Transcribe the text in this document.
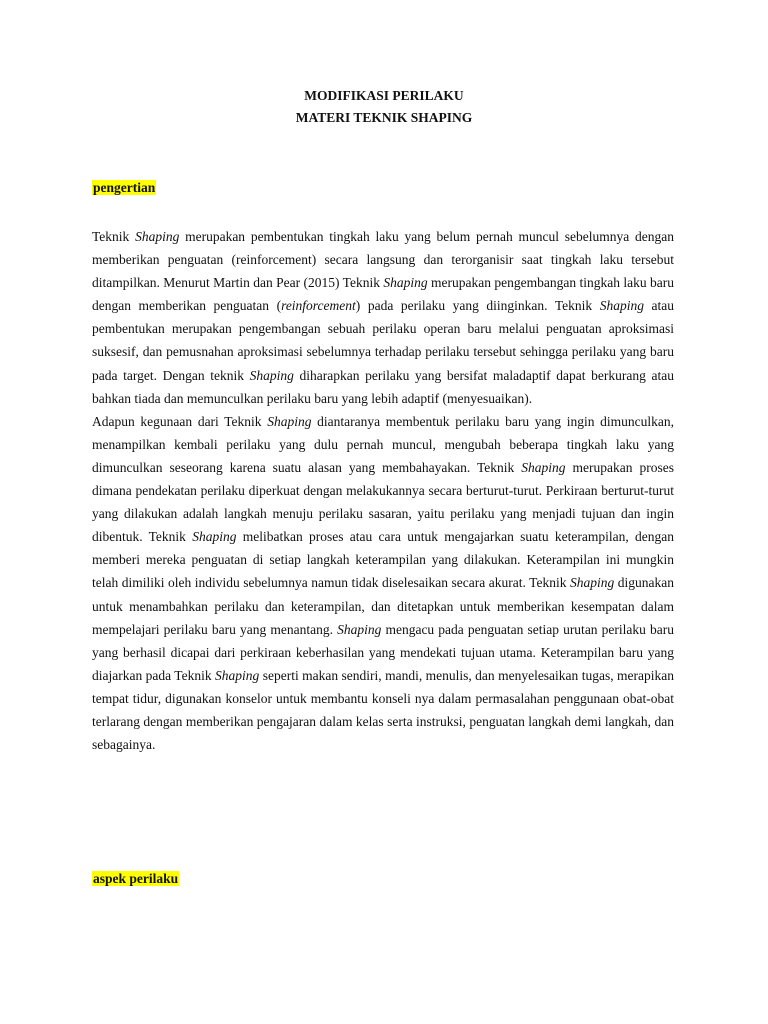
MODIFIKASI PERILAKU
MATERI TEKNIK SHAPING
pengertian

Teknik Shaping merupakan pembentukan tingkah laku yang belum pernah muncul sebelumnya dengan memberikan penguatan (reinforcement) secara langsung dan terorganisir saat tingkah laku tersebut ditampilkan. Menurut Martin dan Pear (2015) Teknik Shaping merupakan pengembangan tingkah laku baru dengan memberikan penguatan (reinforcement) pada perilaku yang diinginkan. Teknik Shaping atau pembentukan merupakan pengembangan sebuah perilaku operan baru melalui penguatan aproksimasi suksesif, dan pemusnahan aproksimasi sebelumnya terhadap perilaku tersebut sehingga perilaku yang baru pada target. Dengan teknik Shaping diharapkan perilaku yang bersifat maladaptif dapat berkurang atau bahkan tiada dan memunculkan perilaku baru yang lebih adaptif (menyesuaikan).

Adapun kegunaan dari Teknik Shaping diantaranya membentuk perilaku baru yang ingin dimunculkan, menampilkan kembali perilaku yang dulu pernah muncul, mengubah beberapa tingkah laku yang dimunculkan seseorang karena suatu alasan yang membahayakan. Teknik Shaping merupakan proses dimana pendekatan perilaku diperkuat dengan melakukannya secara berturut-turut. Perkiraan berturut-turut yang dilakukan adalah langkah menuju perilaku sasaran, yaitu perilaku yang menjadi tujuan dan ingin dibentuk. Teknik Shaping melibatkan proses atau cara untuk mengajarkan suatu keterampilan, dengan memberi mereka penguatan di setiap langkah keterampilan yang dilakukan. Keterampilan ini mungkin telah dimiliki oleh individu sebelumnya namun tidak diselesaikan secara akurat. Teknik Shaping digunakan untuk menambahkan perilaku dan keterampilan, dan ditetapkan untuk memberikan kesempatan dalam mempelajari perilaku baru yang menantang. Shaping mengacu pada penguatan setiap urutan perilaku baru yang berhasil dicapai dari perkiraan keberhasilan yang mendekati tujuan utama. Keterampilan baru yang diajarkan pada Teknik Shaping seperti makan sendiri, mandi, menulis, dan menyelesaikan tugas, merapikan tempat tidur, digunakan konselor untuk membantu konseli nya dalam permasalahan penggunaan obat-obat terlarang dengan memberikan pengajaran dalam kelas serta instruksi, penguatan langkah demi langkah, dan sebagainya.

aspek perilaku
